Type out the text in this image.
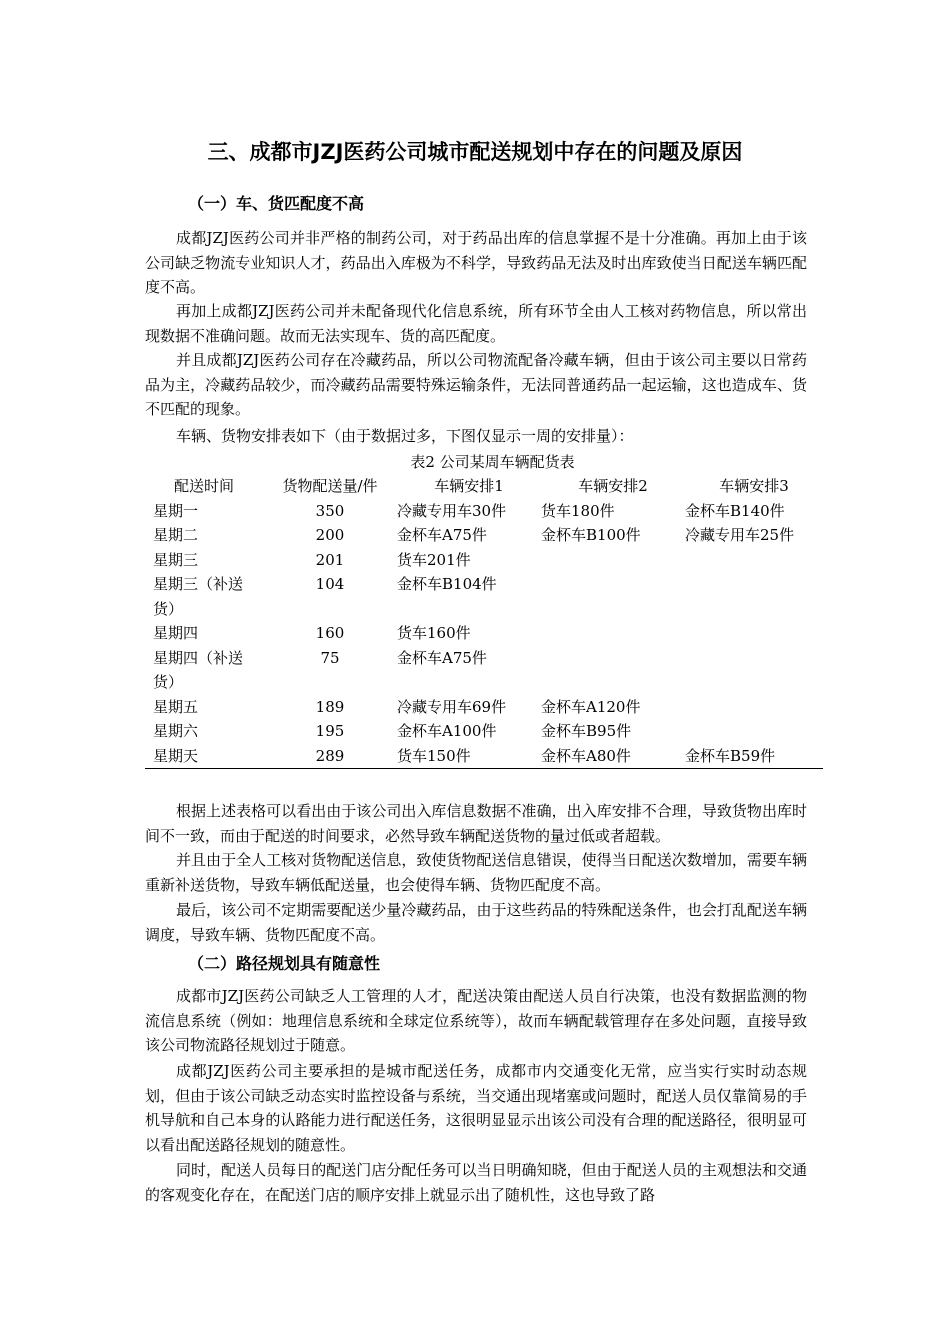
三、成都市JZJ医药公司城市配送规划中存在的问题及原因
（一）车、货匹配度不高

成都JZJ医药公司并非严格的制药公司，对于药品出库的信息掌握不是十分准确。再加上由于该公司缺乏物流专业知识人才，药品出入库极为不科学，导致药品无法及时出库致使当日配送车辆匹配度不高。

再加上成都JZJ医药公司并未配备现代化信息系统，所有环节全由人工核对药物信息，所以常出现数据不准确问题。故而无法实现车、货的高匹配度。

并且成都JZJ医药公司存在冷藏药品，所以公司物流配备冷藏车辆，但由于该公司主要以日常药品为主，冷藏药品较少，而冷藏药品需要特殊运输条件，无法同普通药品一起运输，这也造成车、货不匹配的现象。

车辆、货物安排表如下（由于数据过多，下图仅显示一周的安排量）：

表2 公司某周车辆配货表
配送时间	货物配送量/件	车辆安排1	车辆安排2	车辆安排3
星期一	350	冷藏专用车30件	货车180件	金杯车B140件
星期二	200	金杯车A75件	金杯车B100件	冷藏专用车25件
星期三	201	货车201件		
星期三（补送货）	104	金杯车B104件		
星期四	160	货车160件		
星期四（补送货）	75	金杯车A75件		
星期五	189	冷藏专用车69件	金杯车A120件	
星期六	195	金杯车A100件	金杯车B95件	
星期天	289	货车150件	金杯车A80件	金杯车B59件

根据上述表格可以看出由于该公司出入库信息数据不准确，出入库安排不合理，导致货物出库时间不一致，而由于配送的时间要求，必然导致车辆配送货物的量过低或者超载。

并且由于全人工核对货物配送信息，致使货物配送信息错误，使得当日配送次数增加，需要车辆重新补送货物，导致车辆低配送量，也会使得车辆、货物匹配度不高。

最后，该公司不定期需要配送少量冷藏药品，由于这些药品的特殊配送条件，也会打乱配送车辆调度，导致车辆、货物匹配度不高。

（二）路径规划具有随意性

成都市JZJ医药公司缺乏人工管理的人才，配送决策由配送人员自行决策，也没有数据监测的物流信息系统（例如：地理信息系统和全球定位系统等），故而车辆配载管理存在多处问题，直接导致该公司物流路径规划过于随意。

成都JZJ医药公司主要承担的是城市配送任务，成都市内交通变化无常，应当实行实时动态规划，但由于该公司缺乏动态实时监控设备与系统，当交通出现堵塞或问题时，配送人员仅靠简易的手机导航和自己本身的认路能力进行配送任务，这很明显显示出该公司没有合理的配送路径，很明显可以看出配送路径规划的随意性。

同时，配送人员每日的配送门店分配任务可以当日明确知晓，但由于配送人员的主观想法和交通的客观变化存在，在配送门店的顺序安排上就显示出了随机性，这也导致了路
